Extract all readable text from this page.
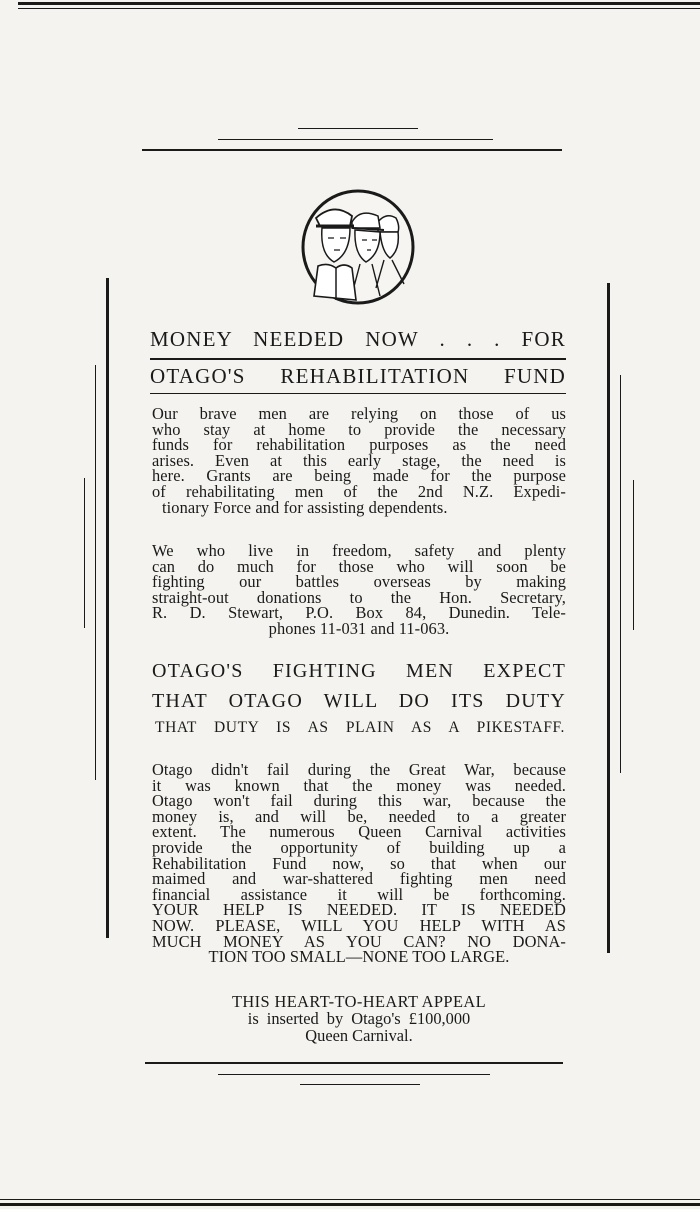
MONEY NEEDED NOW . . . FOR
OTAGO'S REHABILITATION FUND
Our brave men are relying on those of us
who stay at home to provide the necessary
funds for rehabilitation purposes as the need
arises. Even at this early stage, the need is
here. Grants are being made for the purpose
of rehabilitating men of the 2nd N.Z. Expedi-
tionary Force and for assisting dependents.
We who live in freedom, safety and plenty
can do much for those who will soon be
fighting our battles overseas by making
straight-out donations to the Hon. Secretary,
R. D. Stewart, P.O. Box 84, Dunedin. Tele-
phones 11-031 and 11-063.
OTAGO'S FIGHTING MEN EXPECT
THAT OTAGO WILL DO ITS DUTY
THAT DUTY IS AS PLAIN AS A PIKESTAFF.
Otago didn't fail during the Great War, because
it was known that the money was needed.
Otago won't fail during this war, because the
money is, and will be, needed to a greater
extent. The numerous Queen Carnival activities
provide the opportunity of building up a
Rehabilitation Fund now, so that when our
maimed and war-shattered fighting men need
financial assistance it will be forthcoming.
YOUR HELP IS NEEDED. IT IS NEEDED
NOW. PLEASE, WILL YOU HELP WITH AS
MUCH MONEY AS YOU CAN? NO DONA-
TION TOO SMALL—NONE TOO LARGE.
THIS HEART-TO-HEART APPEAL
is inserted by Otago's £100,000
Queen Carnival.
